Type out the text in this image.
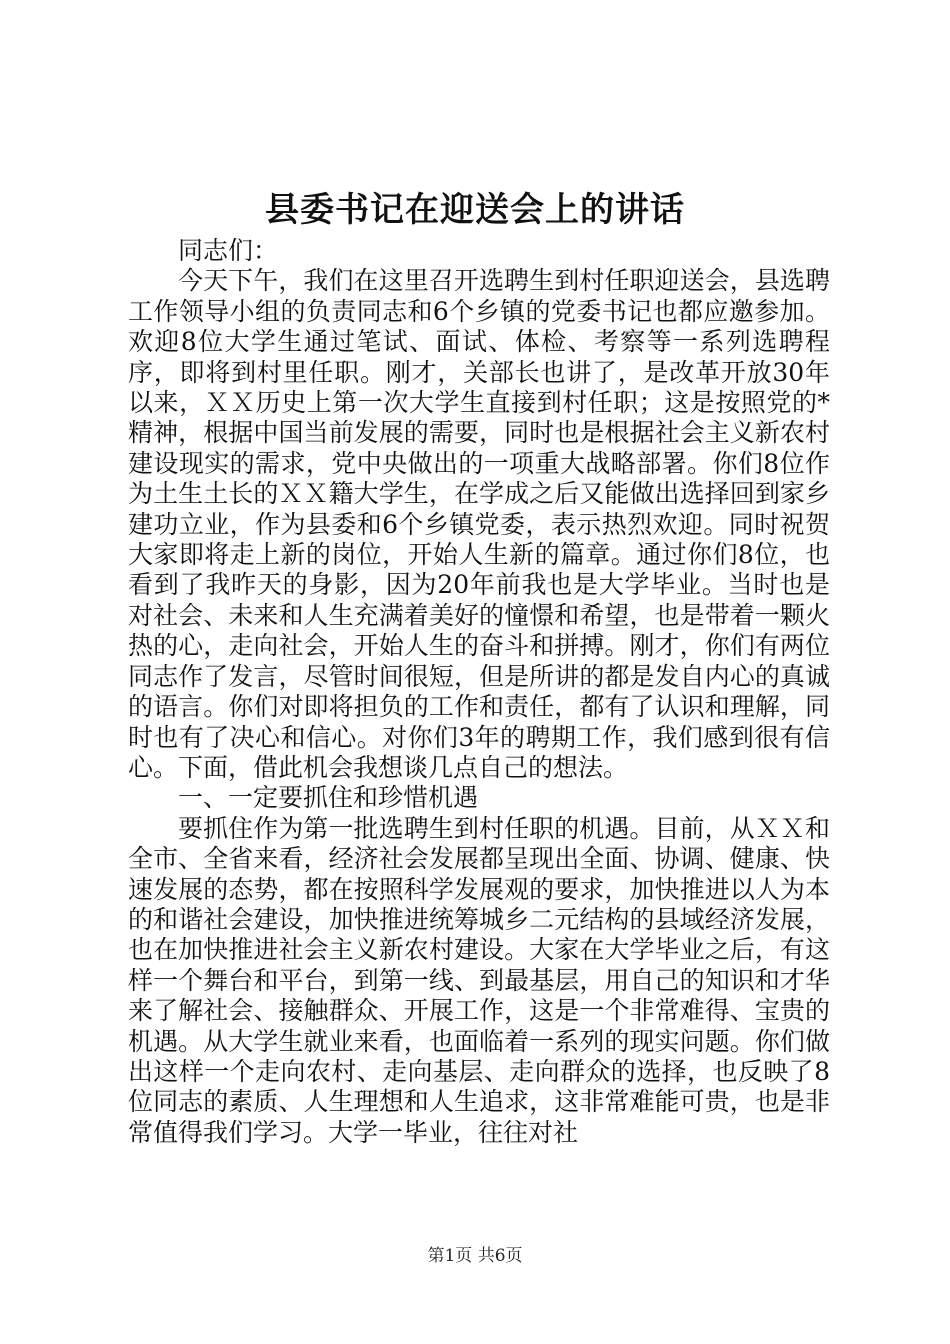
县委书记在迎送会上的讲话

同志们：

今天下午，我们在这里召开选聘生到村任职迎送会，县选聘工作领导小组的负责同志和6个乡镇的党委书记也都应邀参加。欢迎8位大学生通过笔试、面试、体检、考察等一系列选聘程序，即将到村里任职。刚才，关部长也讲了，是改革开放30年以来，ＸＸ历史上第一次大学生直接到村任职；这是按照党的*精神，根据中国当前发展的需要，同时也是根据社会主义新农村建设现实的需求，党中央做出的一项重大战略部署。你们8位作为土生土长的ＸＸ籍大学生，在学成之后又能做出选择回到家乡建功立业，作为县委和6个乡镇党委，表示热烈欢迎。同时祝贺大家即将走上新的岗位，开始人生新的篇章。通过你们8位，也看到了我昨天的身影，因为20年前我也是大学毕业。当时也是对社会、未来和人生充满着美好的憧憬和希望，也是带着一颗火热的心，走向社会，开始人生的奋斗和拼搏。刚才，你们有两位同志作了发言，尽管时间很短，但是所讲的都是发自内心的真诚的语言。你们对即将担负的工作和责任，都有了认识和理解，同时也有了决心和信心。对你们3年的聘期工作，我们感到很有信心。下面，借此机会我想谈几点自己的想法。

一、一定要抓住和珍惜机遇

要抓住作为第一批选聘生到村任职的机遇。目前，从ＸＸ和全市、全省来看，经济社会发展都呈现出全面、协调、健康、快速发展的态势，都在按照科学发展观的要求，加快推进以人为本的和谐社会建设，加快推进统筹城乡二元结构的县域经济发展，也在加快推进社会主义新农村建设。大家在大学毕业之后，有这样一个舞台和平台，到第一线、到最基层，用自己的知识和才华来了解社会、接触群众、开展工作，这是一个非常难得、宝贵的机遇。从大学生就业来看，也面临着一系列的现实问题。你们做出这样一个走向农村、走向基层、走向群众的选择，也反映了8位同志的素质、人生理想和人生追求，这非常难能可贵，也是非常值得我们学习。大学一毕业，往往对社

第1页 共6页
